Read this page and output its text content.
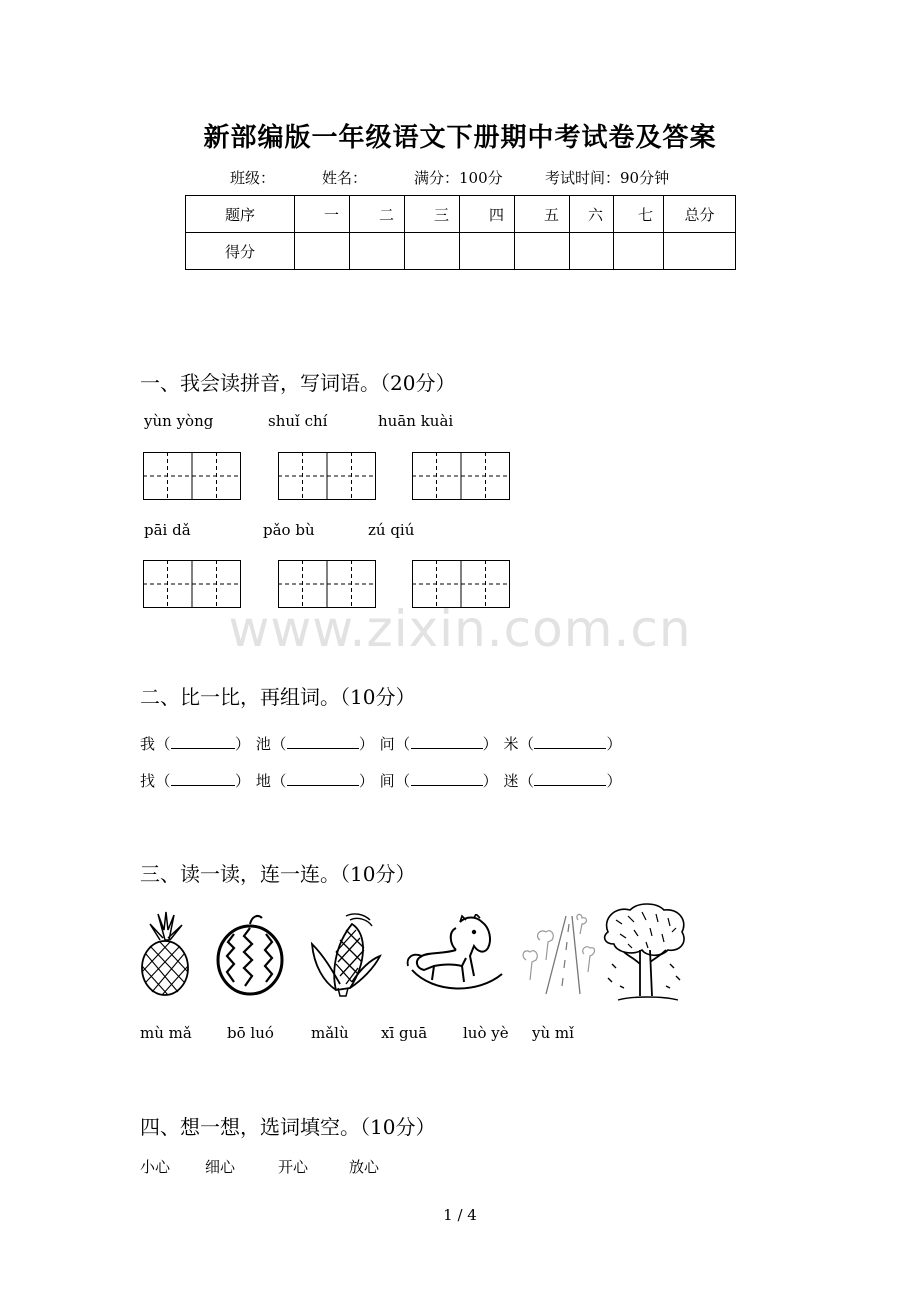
新部编版一年级语文下册期中考试卷及答案
班级：	姓名：	满分：100分	考试时间：90分钟
题序	一	二	三	四	五	六	七	总分
得分								
一、我会读拼音，写词语。（20分）
yùn yòng	shuǐ chí	huān kuài
pāi dǎ	pǎo bù	zú qiú
www.zixin.com.cn
二、比一比，再组词。（10分）
我（	） 池（	） 问（	） 米（	）
找（	） 地（	） 间（	） 迷（	）
三、读一读，连一连。（10分）
mù mǎ bō luó mǎlù xī guā luò yè yù mǐ
四、想一想，选词填空。（10分）
小心 细心	开心	放心
1 / 4
